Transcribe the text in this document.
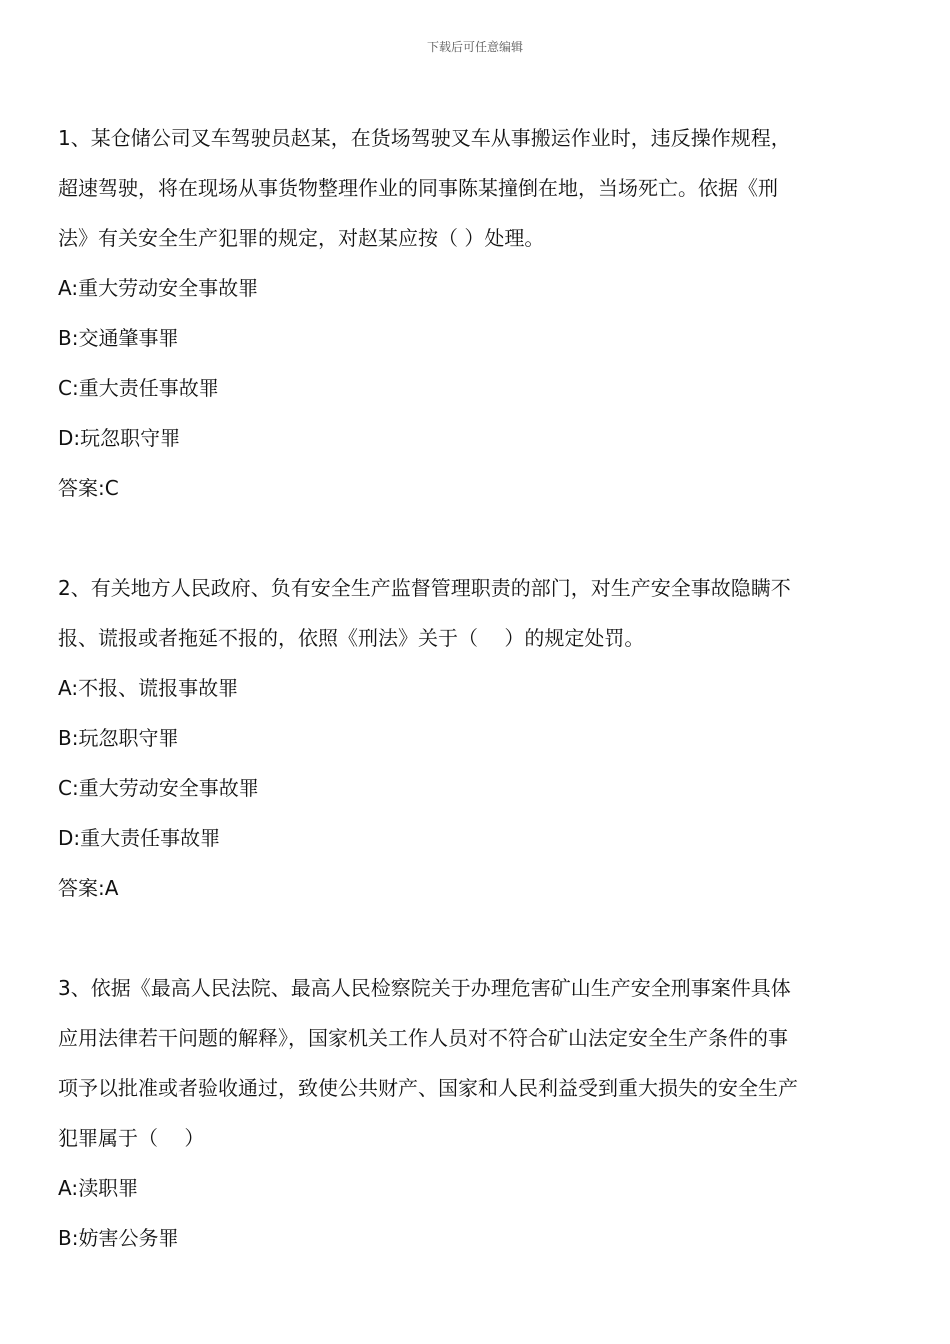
下载后可任意编辑
1、某仓储公司叉车驾驶员赵某，在货场驾驶叉车从事搬运作业时，违反操作规程，
超速驾驶，将在现场从事货物整理作业的同事陈某撞倒在地，当场死亡。依据《刑
法》有关安全生产犯罪的规定，对赵某应按（ ）处理。
A:重大劳动安全事故罪
B:交通肇事罪
C:重大责任事故罪
D:玩忽职守罪
答案:C
2、有关地方人民政府、负有安全生产监督管理职责的部门，对生产安全事故隐瞒不
报、谎报或者拖延不报的，依照《刑法》关于（　 ）的规定处罚。
A:不报、谎报事故罪
B:玩忽职守罪
C:重大劳动安全事故罪
D:重大责任事故罪
答案:A
3、依据《最高人民法院、最高人民检察院关于办理危害矿山生产安全刑事案件具体
应用法律若干问题的解释》，国家机关工作人员对不符合矿山法定安全生产条件的事
项予以批准或者验收通过，致使公共财产、国家和人民利益受到重大损失的安全生产
犯罪属于（　 ）
A:渎职罪
B:妨害公务罪
